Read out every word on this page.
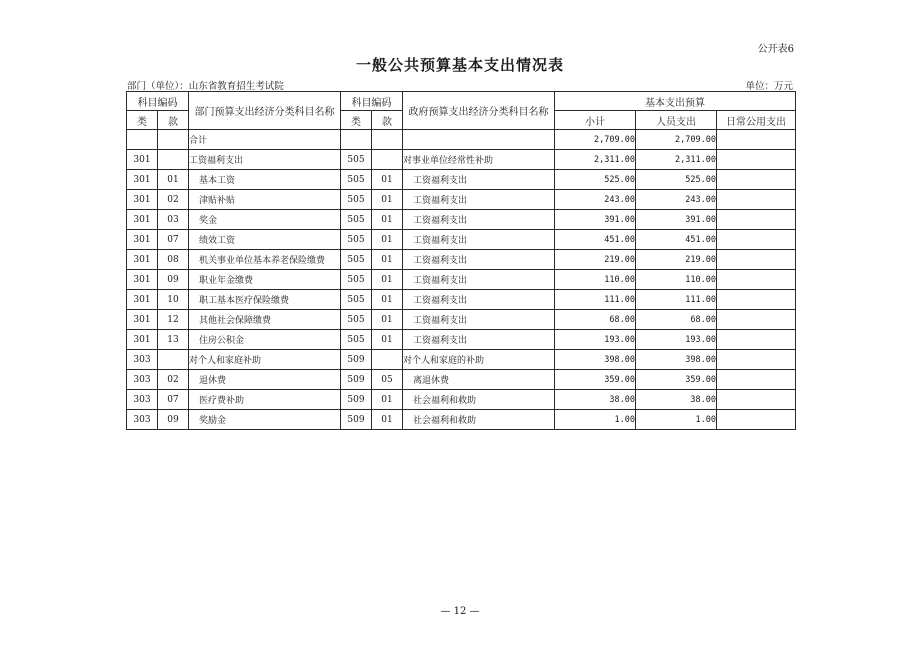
公开表6
一般公共预算基本支出情况表
部门（单位）：山东省教育招生考试院	单位：万元
科目编码		部门预算支出经济分类科目名称	科目编码		政府预算支出经济分类科目名称	基本支出预算		
类	款		类	款		小计	人员支出	日常公用支出
		合计				2,709.00	2,709.00	
301		工资福利支出	505		对事业单位经常性补助	2,311.00	2,311.00	
301	01	基本工资	505	01	工资福利支出	525.00	525.00	
301	02	津贴补贴	505	01	工资福利支出	243.00	243.00	
301	03	奖金	505	01	工资福利支出	391.00	391.00	
301	07	绩效工资	505	01	工资福利支出	451.00	451.00	
301	08	机关事业单位基本养老保险缴费	505	01	工资福利支出	219.00	219.00	
301	09	职业年金缴费	505	01	工资福利支出	110.00	110.00	
301	10	职工基本医疗保险缴费	505	01	工资福利支出	111.00	111.00	
301	12	其他社会保障缴费	505	01	工资福利支出	68.00	68.00	
301	13	住房公积金	505	01	工资福利支出	193.00	193.00	
303		对个人和家庭补助	509		对个人和家庭的补助	398.00	398.00	
303	02	退休费	509	05	离退休费	359.00	359.00	
303	07	医疗费补助	509	01	社会福利和救助	38.00	38.00	
303	09	奖励金	509	01	社会福利和救助	1.00	1.00	
— 12 —
